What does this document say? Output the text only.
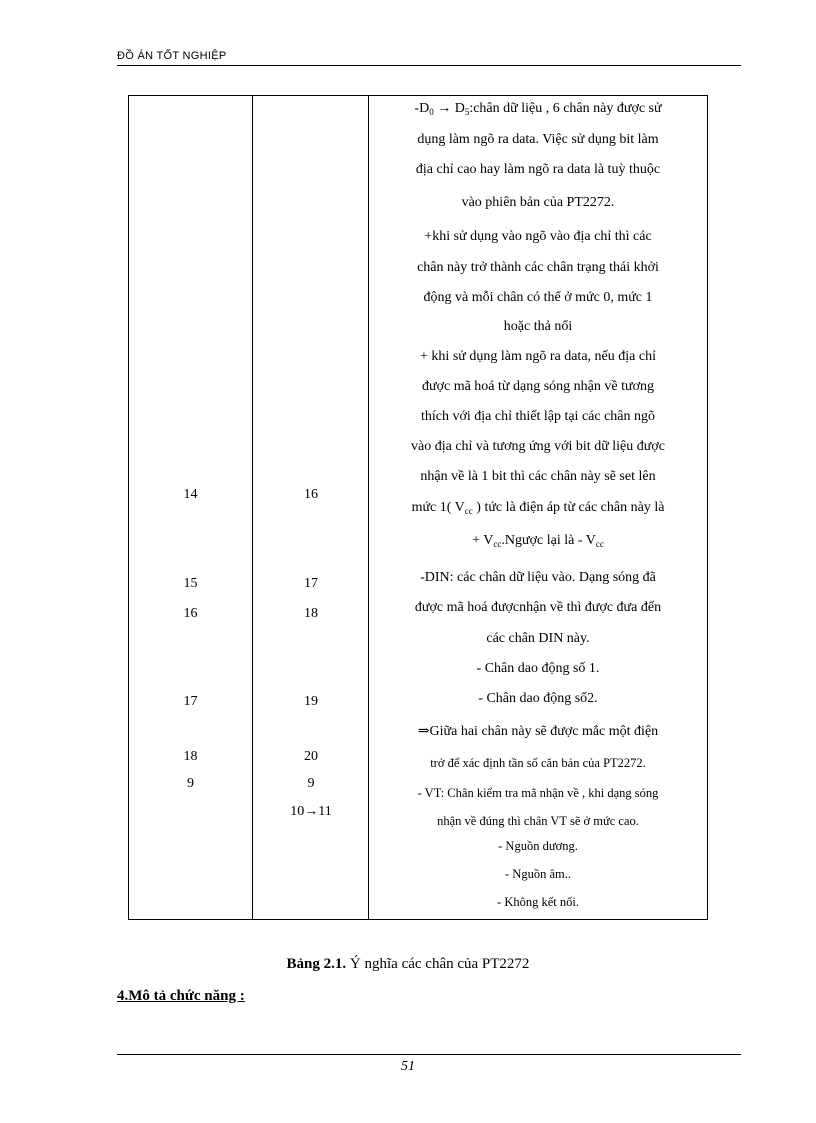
ĐỒ ÁN TỐT NGHIỆP
14
15
16
17
18
9
16
17
18
19
20
9
10→11
$-D_0$ → $D_5:chân$ dữ liệu , 6 chân này được sử
dụng làm ngõ ra data. Việc sử dụng bit làm
địa chỉ cao hay làm ngõ ra data là tuỳ thuộc
vào phiên bản của PT2272.
+khi sử dụng vào ngõ vào địa chỉ thì các
chân này trở thành các chân trạng thái khởi
động và mỗi chân có thể ở mức 0, mức 1
hoặc thả nổi
+ khi sử dụng làm ngõ ra data, nếu địa chỉ
được mã hoá từ dạng sóng nhận về tương
thích với địa chỉ thiết lập tại các chân ngõ
vào địa chỉ và tương ứng với bit dữ liệu được
nhận về là 1 bit thì các chân này sẽ set lên
mức 1( $V_{cc}$ ) tức là điện áp từ các chân này là
+ $V_{cc}.Ngược$ lại là - $V_{cc}$
-DIN: các chân dữ liệu vào. Dạng sóng đã
được mã hoá đượcnhận về thì được đưa đến
các chân DIN này.
- Chân dao động số 1.
- Chân dao động số2.
⇒Giữa hai chân này sẽ được mắc một điện
trở để xác định tần số căn bản của PT2272.
- VT: Chân kiểm tra mã nhận về , khi dạng sóng
nhận về đúng thì chân VT sẽ ở mức cao.
- Nguồn dương.
- Nguồn âm..
- Không kết nối.
Bảng 2.1. Ý nghĩa các chân của PT2272
4.Mô tả chức năng :
51
